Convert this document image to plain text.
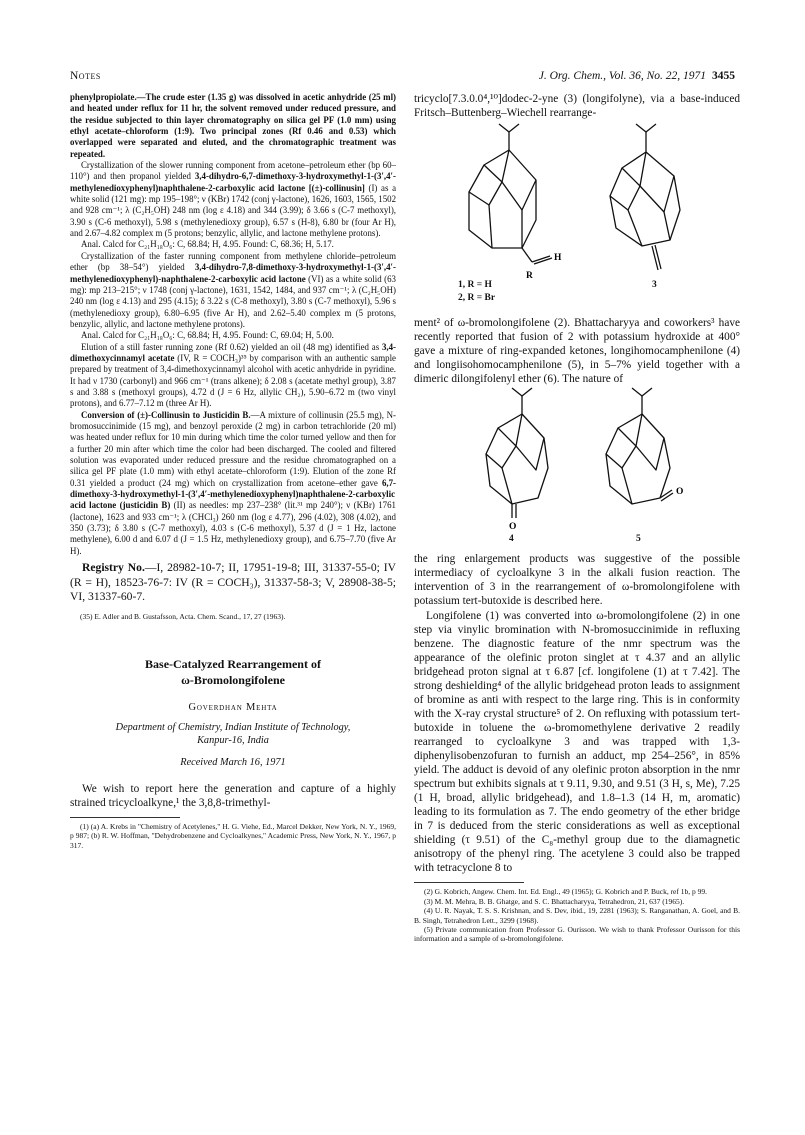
Notes	J. Org. Chem., Vol. 36, No. 22, 1971 3455

phenylpropiolate.—The crude ester (1.35 g) was dissolved in acetic anhydride (25 ml) and heated under reflux for 11 hr, the solvent removed under reduced pressure, and the residue subjected to thin layer chromatography on silica gel PF (1.0 mm) using ethyl acetate–chloroform (1:9). Two principal zones (Rf 0.46 and 0.53) which overlapped were separated and eluted, and the chromatographic treatment was repeated.

Crystallization of the slower running component from acetone–petroleum ether (bp 60–110°) and then propanol yielded 3,4-dihydro-6,7-dimethoxy-3-hydroxymethyl-1-(3′,4′-methylenedioxyphenyl)naphthalene-2-carboxylic acid lactone [(±)-collinusin] (I) as a white solid (121 mg): mp 195–198°; ν (KBr) 1742 (conj γ-lactone), 1626, 1603, 1565, 1502 and 928 cm⁻¹; λ (C₂H₅OH) 248 nm (log ε 4.18) and 344 (3.99); δ 3.66 s (C-7 methoxyl), 3.90 s (C-6 methoxyl), 5.98 s (methylenedioxy group), 6.57 s (H-8), 6.80 br (four Ar H), and 2.67–4.82 complex m (5 protons; benzylic, allylic, and lactone methylene protons).

Anal. Calcd for C₂₁H₁₈O₆: C, 68.84; H, 4.95. Found: C, 68.36; H, 5.17.

Crystallization of the faster running component from methylene chloride–petroleum ether (bp 38–54°) yielded 3,4-dihydro-7,8-dimethoxy-3-hydroxymethyl-1-(3′,4′-methylenedioxyphenyl)-naphthalene-2-carboxylic acid lactone (VI) as a white solid (63 mg): mp 213–215°; ν 1748 (conj γ-lactone), 1631, 1542, 1484, and 937 cm⁻¹; λ (C₂H₅OH) 240 nm (log ε 4.13) and 295 (4.15); δ 3.22 s (C-8 methoxyl), 3.80 s (C-7 methoxyl), 5.96 s (methylenedioxy group), 6.80–6.95 (five Ar H), and 2.62–5.40 complex m (5 protons, benzylic, allylic, and lactone methylene protons).

Anal. Calcd for C₂₁H₁₈O₆: C, 68.84; H, 4.95. Found: C, 69.04; H, 5.00.

Elution of a still faster running zone (Rf 0.62) yielded an oil (48 mg) identified as 3,4-dimethoxycinnamyl acetate (IV, R = COCH₃)³⁵ by comparison with an authentic sample prepared by treatment of 3,4-dimethoxycinnamyl alcohol with acetic anhydride in pyridine. It had ν 1730 (carbonyl) and 966 cm⁻¹ (trans alkene); δ 2.08 s (acetate methyl group), 3.87 s and 3.88 s (methoxyl groups), 4.72 d (J = 6 Hz, allylic CH₂), 5.90–6.72 m (two vinyl protons), and 6.77–7.12 m (three Ar H).

Conversion of (±)-Collinusin to Justicidin B.—A mixture of collinusin (25.5 mg), N-bromosuccinimide (15 mg), and benzoyl peroxide (2 mg) in carbon tetrachloride (20 ml) was heated under reflux for 10 min during which time the color turned yellow and then for a further 20 min after which time the color had been discharged. The cooled and filtered solution was evaporated under reduced pressure and the residue chromatographed on a silica gel PF plate (1.0 mm) with ethyl acetate–chloroform (1:9). Elution of the zone Rf 0.31 yielded a product (24 mg) which on crystallization from acetone–ether gave 6,7-dimethoxy-3-hydroxymethyl-1-(3′,4′-methylenedioxyphenyl)naphthalene-2-carboxylic acid lactone (justicidin B) (II) as needles: mp 237–238° (lit.³¹ mp 240°); ν (KBr) 1761 (lactone), 1623 and 933 cm⁻¹; λ (CHCl₃) 260 nm (log ε 4.77), 296 (4.02), 308 (4.02), and 350 (3.73); δ 3.80 s (C-7 methoxyl), 4.03 s (C-6 methoxyl), 5.37 d (J = 1 Hz, lactone methylene), 6.00 d and 6.07 d (J = 1.5 Hz, methylenedioxy group), and 6.75–7.70 (five Ar H).

Registry No.—I, 28982-10-7; II, 17951-19-8; III, 31337-55-0; IV (R = H), 18523-76-7: IV (R = COCH₃), 31337-58-3; V, 28908-38-5; VI, 31337-60-7.

(35) E. Adler and B. Gustafsson, Acta. Chem. Scand., 17, 27 (1963).

Base-Catalyzed Rearrangement of
ω-Bromolongifolene
Goverdhan Mehta
Department of Chemistry, Indian Institute of Technology,
Kanpur-16, India
Received March 16, 1971

We wish to report here the generation and capture of a highly strained tricycloalkyne,¹ the 3,8,8-trimethyl-

(1) (a) A. Krebs in "Chemistry of Acetylenes," H. G. Viehe, Ed., Marcel Dekker, New York, N. Y., 1969, p 987; (b) R. W. Hoffman, "Dehydrobenzene and Cycloalkynes," Academic Press, New York, N. Y., 1967, p 317.

tricyclo[7.3.0.0⁴,¹⁰]dodec-2-yne (3) (longifolyne), via a base-induced Fritsch–Buttenberg–Wiechell rearrange-

H
R
1, R = H
2, R = Br
3

ment² of ω-bromolongifolene (2). Bhattacharyya and coworkers³ have recently reported that fusion of 2 with potassium hydroxide at 400° gave a mixture of ring-expanded ketones, longihomocamphenilone (4) and longiisohomocamphenilone (5), in 5–7% yield together with a dimeric dilongifolenyl ether (6). The nature of

O
O
4	5

the ring enlargement products was suggestive of the possible intermediacy of cycloalkyne 3 in the alkali fusion reaction. The intervention of 3 in the rearrangement of ω-bromolongifolene with potassium tert-butoxide is described here.

Longifolene (1) was converted into ω-bromolongifolene (2) in one step via vinylic bromination with N-bromosuccinimide in refluxing benzene. The diagnostic feature of the nmr spectrum was the appearance of the olefinic proton singlet at τ 4.37 and an allylic bridgehead proton signal at τ 6.87 [cf. longifolene (1) at τ 7.42]. The strong deshielding⁴ of the allylic bridgehead proton leads to assignment of bromine as anti with respect to the large ring. This is in conformity with the X-ray crystal structure⁵ of 2. On refluxing with potassium tert-butoxide in toluene the ω-bromomethylene derivative 2 readily rearranged to cycloalkyne 3 and was trapped with 1,3-diphenylisobenzofuran to furnish an adduct, mp 254–256°, in 85% yield. The adduct is devoid of any olefinic proton absorption in the nmr spectrum but exhibits signals at τ 9.11, 9.30, and 9.51 (3 H, s, Me), 7.25 (1 H, broad, allylic bridgehead), and 1.8–1.3 (14 H, m, aromatic) leading to its formulation as 7. The endo geometry of the ether bridge in 7 is deduced from the steric considerations as well as exceptional shielding (τ 9.51) of the C₈-methyl group due to the diamagnetic anisotropy of the phenyl ring. The acetylene 3 could also be trapped with tetracyclone 8 to

(2) G. Kobrich, Angew. Chem. Int. Ed. Engl., 49 (1965); G. Kobrich and P. Buck, ref 1b, p 99.

(3) M. M. Mehra, B. B. Ghatge, and S. C. Bhattacharyya, Tetrahedron, 21, 637 (1965).

(4) U. R. Nayak, T. S. S. Krishnan, and S. Dev, ibid., 19, 2281 (1963); S. Ranganathan, A. Goel, and B. B. Singh, Tetrahedron Lett., 3299 (1968).

(5) Private communication from Professor G. Ourisson. We wish to thank Professor Ourisson for this information and a sample of ω-bromolongifolene.
